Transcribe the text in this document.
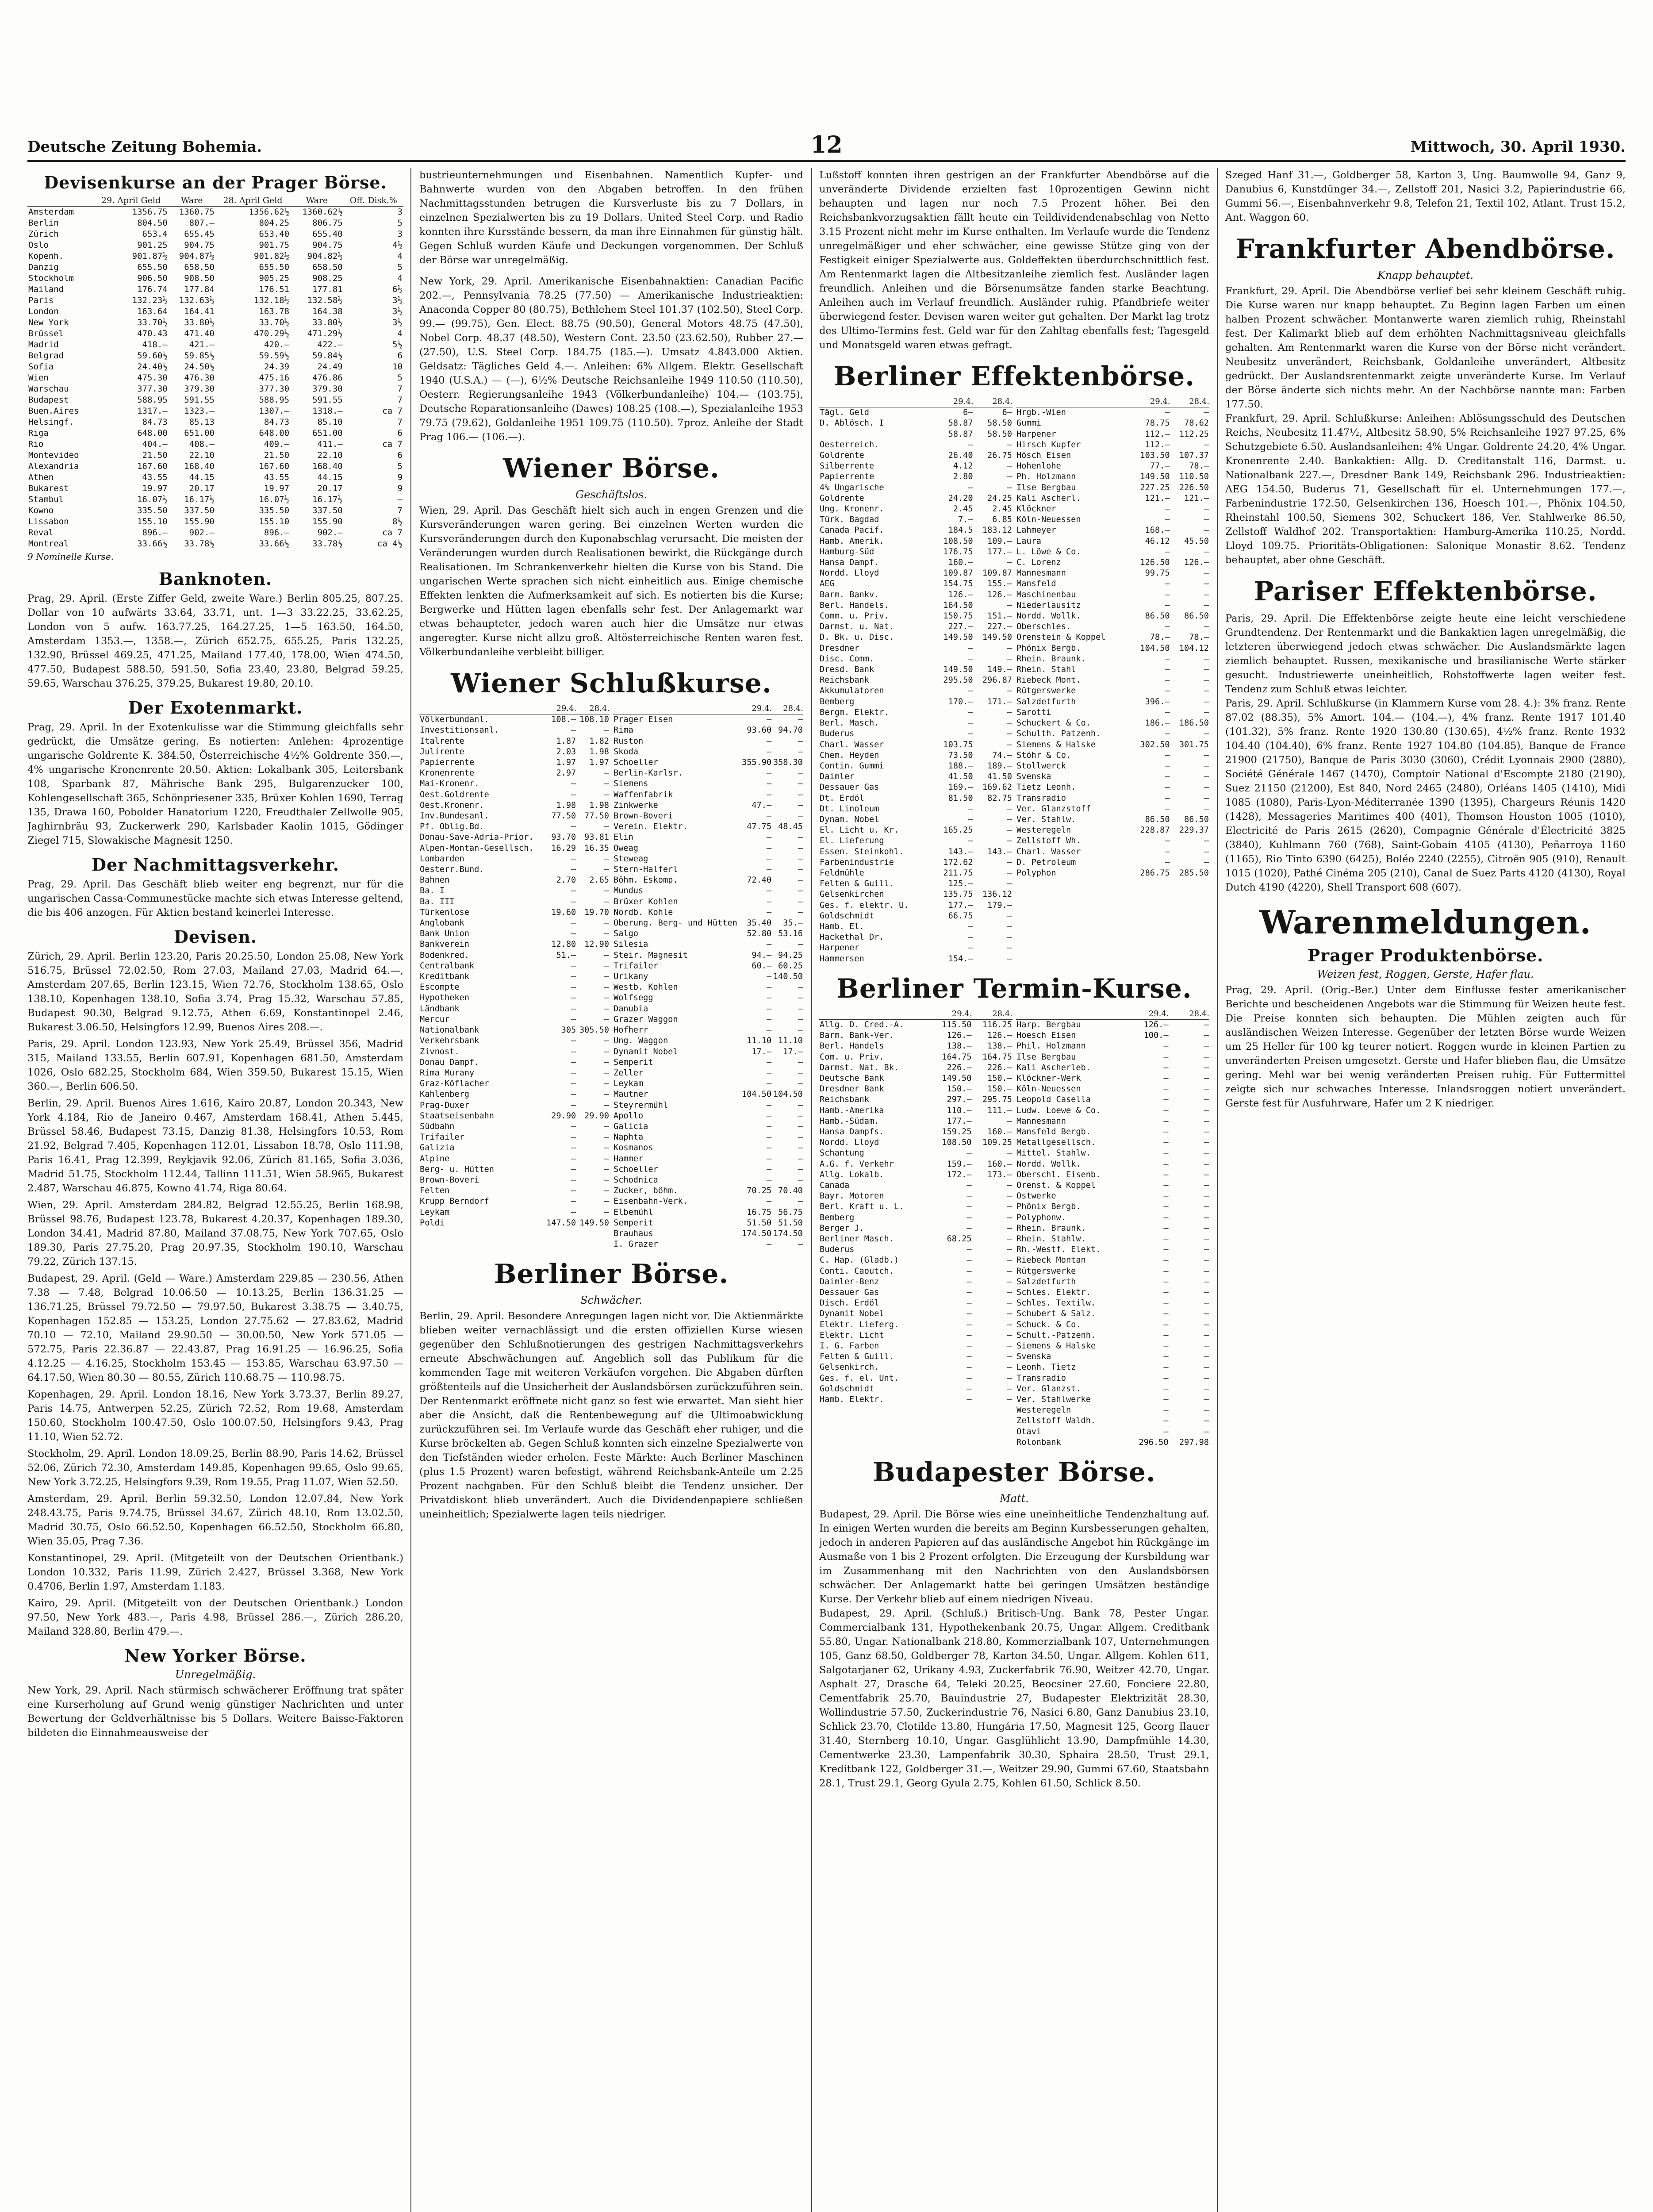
Deutsche Zeitung Bohemia.	12	Mittwoch, 30. April 1930.
Devisenkurse an der Prager Börse.
	29. April Geld	Ware	28. April Geld	Ware	Off. Disk.%
Amsterdam	1356.75	1360.75	1356.62½	1360.62½	3
Berlin	804.50	807.—	804.25	806.75	5
Zürich	653.4	655.45	653.40	655.40	3
Oslo	901.25	904.75	901.75	904.75	4½
Kopenh.	901.87½	904.87½	901.82½	904.82½	4
Danzig	655.50	658.50	655.50	658.50	5
Stockholm	906.50	908.50	905.25	908.25	4
Mailand	176.74	177.84	176.51	177.81	6½
Paris	132.23½	132.63½	132.18½	132.58½	3½
London	163.64	164.41	163.78	164.38	3½
New York	33.70½	33.80½	33.70½	33.80½	3½
Brüssel	470.43	471.40	470.29½	471.29½	4
Madrid	418.—	421.—	420.—	422.—	5½
Belgrad	59.60½	59.85½	59.59½	59.84½	6
Sofia	24.40½	24.50½	24.39	24.49	10
Wien	475.30	476.30	475.16	476.86	5
Warschau	377.30	379.30	377.30	379.30	7
Budapest	588.95	591.55	588.95	591.55	7
Buen.Aires	1317.—	1323.—	1307.—	1318.—	ca 7
Helsingf.	84.73	85.13	84.73	85.10	7
Riga	648.00	651.00	648.00	651.00	6
Rio	404.—	408.—	409.—	411.—	ca 7
Montevideo	21.50	22.10	21.50	22.10	6
Alexandria	167.60	168.40	167.60	168.40	5
Athen	43.55	44.15	43.55	44.15	9
Bukarest	19.97	20.17	19.97	20.17	9
Stambul	16.07½	16.17½	16.07½	16.17½	—
Kowno	335.50	337.50	335.50	337.50	7
Lissabon	155.10	155.90	155.10	155.90	8½
Reval	896.—	902.—	896.—	902.—	ca 7
Montreal	33.66½	33.78½	33.66½	33.78½	ca 4½
9 Nominelle Kurse.
Banknoten.

Prag, 29. April. (Erste Ziffer Geld, zweite Ware.) Berlin 805.25, 807.25. Dollar von 10 aufwärts 33.64, 33.71, unt. 1—3 33.22.25, 33.62.25, London von 5 aufw. 163.77.25, 164.27.25, 1—5 163.50, 164.50, Amsterdam 1353.—, 1358.—, Zürich 652.75, 655.25, Paris 132.25, 132.90, Brüssel 469.25, 471.25, Mailand 177.40, 178.00, Wien 474.50, 477.50, Budapest 588.50, 591.50, Sofia 23.40, 23.80, Belgrad 59.25, 59.65, Warschau 376.25, 379.25, Bukarest 19.80, 20.10.

Der Exotenmarkt.

Prag, 29. April. In der Exotenkulisse war die Stimmung gleichfalls sehr gedrückt, die Umsätze gering. Es notierten: Anlehen: 4prozentige ungarische Goldrente K. 384.50, Österreichische 4½% Goldrente 350.—, 4% ungarische Kronenrente 20.50. Aktien: Lokalbank 305, Leitersbank 108, Sparbank 87, Mährische Bank 295, Bulgarenzucker 100, Kohlengesellschaft 365, Schönpriesener 335, Brüxer Kohlen 1690, Terrag 135, Drawa 160, Pobolder Hanatorium 1220, Freudthaler Zellwolle 905, Jaghirnbräu 93, Zuckerwerk 290, Karlsbader Kaolin 1015, Gödinger Ziegel 715, Slowakische Magnesit 1250.

Der Nachmittagsverkehr.

Prag, 29. April. Das Geschäft blieb weiter eng begrenzt, nur für die ungarischen Cassa-Communestücke machte sich etwas Interesse geltend, die bis 406 anzogen. Für Aktien bestand keinerlei Interesse.

Devisen.

Zürich, 29. April. Berlin 123.20, Paris 20.25.50, London 25.08, New York 516.75, Brüssel 72.02.50, Rom 27.03, Mailand 27.03, Madrid 64.—, Amsterdam 207.65, Berlin 123.15, Wien 72.76, Stockholm 138.65, Oslo 138.10, Kopenhagen 138.10, Sofia 3.74, Prag 15.32, Warschau 57.85, Budapest 90.30, Belgrad 9.12.75, Athen 6.69, Konstantinopel 2.46, Bukarest 3.06.50, Helsingfors 12.99, Buenos Aires 208.—.

Paris, 29. April. London 123.93, New York 25.49, Brüssel 356, Madrid 315, Mailand 133.55, Berlin 607.91, Kopenhagen 681.50, Amsterdam 1026, Oslo 682.25, Stockholm 684, Wien 359.50, Bukarest 15.15, Wien 360.—, Berlin 606.50.

Berlin, 29. April. Buenos Aires 1.616, Kairo 20.87, London 20.343, New York 4.184, Rio de Janeiro 0.467, Amsterdam 168.41, Athen 5.445, Brüssel 58.46, Budapest 73.15, Danzig 81.38, Helsingfors 10.53, Rom 21.92, Belgrad 7.405, Kopenhagen 112.01, Lissabon 18.78, Oslo 111.98, Paris 16.41, Prag 12.399, Reykjavik 92.06, Zürich 81.165, Sofia 3.036, Madrid 51.75, Stockholm 112.44, Tallinn 111.51, Wien 58.965, Bukarest 2.487, Warschau 46.875, Kowno 41.74, Riga 80.64.

Wien, 29. April. Amsterdam 284.82, Belgrad 12.55.25, Berlin 168.98, Brüssel 98.76, Budapest 123.78, Bukarest 4.20.37, Kopenhagen 189.30, London 34.41, Madrid 87.80, Mailand 37.08.75, New York 707.65, Oslo 189.30, Paris 27.75.20, Prag 20.97.35, Stockholm 190.10, Warschau 79.22, Zürich 137.15.

Budapest, 29. April. (Geld — Ware.) Amsterdam 229.85 — 230.56, Athen 7.38 — 7.48, Belgrad 10.06.50 — 10.13.25, Berlin 136.31.25 — 136.71.25, Brüssel 79.72.50 — 79.97.50, Bukarest 3.38.75 — 3.40.75, Kopenhagen 152.85 — 153.25, London 27.75.62 — 27.83.62, Madrid 70.10 — 72.10, Mailand 29.90.50 — 30.00.50, New York 571.05 — 572.75, Paris 22.36.87 — 22.43.87, Prag 16.91.25 — 16.96.25, Sofia 4.12.25 — 4.16.25, Stockholm 153.45 — 153.85, Warschau 63.97.50 — 64.17.50, Wien 80.30 — 80.55, Zürich 110.68.75 — 110.98.75.

Kopenhagen, 29. April. London 18.16, New York 3.73.37, Berlin 89.27, Paris 14.75, Antwerpen 52.25, Zürich 72.52, Rom 19.68, Amsterdam 150.60, Stockholm 100.47.50, Oslo 100.07.50, Helsingfors 9.43, Prag 11.10, Wien 52.72.

Stockholm, 29. April. London 18.09.25, Berlin 88.90, Paris 14.62, Brüssel 52.06, Zürich 72.30, Amsterdam 149.85, Kopenhagen 99.65, Oslo 99.65, New York 3.72.25, Helsingfors 9.39, Rom 19.55, Prag 11.07, Wien 52.50.

Amsterdam, 29. April. Berlin 59.32.50, London 12.07.84, New York 248.43.75, Paris 9.74.75, Brüssel 34.67, Zürich 48.10, Rom 13.02.50, Madrid 30.75, Oslo 66.52.50, Kopenhagen 66.52.50, Stockholm 66.80, Wien 35.05, Prag 7.36.

Konstantinopel, 29. April. (Mitgeteilt von der Deutschen Orientbank.) London 10.332, Paris 11.99, Zürich 2.427, Brüssel 3.368, New York 0.4706, Berlin 1.97, Amsterdam 1.183.

Kairo, 29. April. (Mitgeteilt von der Deutschen Orientbank.) London 97.50, New York 483.—, Paris 4.98, Brüssel 286.—, Zürich 286.20, Mailand 328.80, Berlin 479.—.

New Yorker Börse.
Unregelmäßig.

New York, 29. April. Nach stürmisch schwächerer Eröffnung trat später eine Kurserholung auf Grund wenig günstiger Nachrichten und unter Bewertung der Geldverhältnisse bis 5 Dollars. Weitere Baisse-Faktoren bildeten die Einnahmeausweise der

bustrieunternehmungen und Eisenbahnen. Namentlich Kupfer- und Bahnwerte wurden von den Abgaben betroffen. In den frühen Nachmittagsstunden betrugen die Kursverluste bis zu 7 Dollars, in einzelnen Spezialwerten bis zu 19 Dollars. United Steel Corp. und Radio konnten ihre Kursstände bessern, da man ihre Einnahmen für günstig hält. Gegen Schluß wurden Käufe und Deckungen vorgenommen. Der Schluß der Börse war unregelmäßig.

New York, 29. April. Amerikanische Eisenbahnaktien: Canadian Pacific 202.—, Pennsylvania 78.25 (77.50) — Amerikanische Industrieaktien: Anaconda Copper 80 (80.75), Bethlehem Steel 101.37 (102.50), Steel Corp. 99.— (99.75), Gen. Elect. 88.75 (90.50), General Motors 48.75 (47.50), Nobel Corp. 48.37 (48.50), Western Cont. 23.50 (23.62.50), Rubber 27.— (27.50), U.S. Steel Corp. 184.75 (185.—). Umsatz 4.843.000 Aktien. Geldsatz: Tägliches Geld 4.—. Anleihen: 6% Allgem. Elektr. Gesellschaft 1940 (U.S.A.) — (—), 6½% Deutsche Reichsanleihe 1949 110.50 (110.50), Oesterr. Regierungsanleihe 1943 (Völkerbundanleihe) 104.— (103.75), Deutsche Reparationsanleihe (Dawes) 108.25 (108.—), Spezialanleihe 1953 79.75 (79.62), Goldanleihe 1951 109.75 (110.50). 7proz. Anleihe der Stadt Prag 106.— (106.—).

Wiener Börse.
Geschäftslos.

Wien, 29. April. Das Geschäft hielt sich auch in engen Grenzen und die Kursveränderungen waren gering. Bei einzelnen Werten wurden die Kursveränderungen durch den Kuponabschlag verursacht. Die meisten der Veränderungen wurden durch Realisationen bewirkt, die Rückgänge durch Realisationen. Im Schrankenverkehr hielten die Kurse von bis Stand. Die ungarischen Werte sprachen sich nicht einheitlich aus. Einige chemische Effekten lenkten die Aufmerksamkeit auf sich. Es notierten bis die Kurse; Bergwerke und Hütten lagen ebenfalls sehr fest. Der Anlagemarkt war etwas behaupteter, jedoch waren auch hier die Umsätze nur etwas angeregter. Kurse nicht allzu groß. Altösterreichische Renten waren fest. Völkerbundanleihe verbleibt billiger.

Wiener Schlußkurse.
	29.4.	28.4.
Völkerbundanl.	108.—	108.10
Investitionsanl.	—	—
Italrente	1.87	1.82
Julirente	2.03	1.98
Papierrente	1.97	1.97
Kronenrente	2.97	—
Mai-Kronenr.	—	—
Oest.Goldrente	—	—
Oest.Kronenr.	1.98	1.98
Inv.Bundesanl.	77.50	77.50
Pf. Oblig.Bd.	—	—

Donau-Save-Adria-Prior.	93.70	93.81
Alpen-Montan-Gesellsch.	16.29	16.35
Lombarden	—	—
Oesterr.Bund.	—	—
Bahnen	2.70	2.65
Ba. I	—	—
Ba. III	—	—
Türkenlose	19.60	19.70
Anglobank	—	—
Bank Union	—	—
Bankverein	12.80	12.90
Bodenkred.	51.—	—
Centralbank	—	—
Kreditbank	—	—
Escompte	—	—
Hypotheken	—	—
Ländbank	—	—
Mercur	—	—
Nationalbank	305	305.50
Verkehrsbank	—	—
Zivnost.	—	—
Donau Dampf.	—	—
Rima Murany	—	—
Graz-Köflacher	—	—
Kahlenberg	—	—
Prag-Duxer	—	—
Staatseisenbahn	29.90	29.90
Südbahn	—	—
Trifailer	—	—
Galizia	—	—
Alpine	—	—
Berg- u. Hütten	—	—
Brown-Boveri	—	—
Felten	—	—
Krupp Berndorf	—	—
Leykam	—	—
Poldi	147.50	149.50
	29.4.	28.4.
Prager Eisen	—	—
Rima	93.60	94.70
Ruston	—	—
Skoda	—	—
Schoeller	355.90	358.30
Berlin-Karlsr.	—	—
Siemens	—	—
Waffenfabrik	—	—
Zinkwerke	47.—	—
Brown-Boveri	—	—
Verein. Elektr.	47.75	48.45
Elin	—	—
Oweag	—	—
Steweag	—	—
Stern-Halferl	—	—
Böhm. Eskomp.	72.40	—
Mundus	—	—
Brüxer Kohlen	—	—
Nordb. Kohle	—	—
Oberung. Berg- und Hütten	35.40	35.—
Salgo	52.80	53.16
Silesia	—	—
Steir. Magnesit	94.—	94.25
Trifailer	60.—	60.25
Urikany	—	140.50
Westb. Kohlen	—	—
Wolfsegg	—	—
Danubia	—	—
Grazer Waggon	—	—
Hofherr	—	—
Ung. Waggon	11.10	11.10
Dynamit Nobel	17.—	17.—
Semperit	—	—
Zeller	—	—
Leykam	—	—
Mautner	104.50	104.50
Steyrermühl	—	—
Apollo	—	—
Galicia	—	—
Naphta	—	—
Kosmanos	—	—
Hammer	—	—
Schoeller	—	—
Schodnica	—	—
Zucker, böhm.	70.25	70.40
Eisenbahn-Verk.	—	—
Elbemühl	16.75	56.75
Semperit	51.50	51.50
Brauhaus	174.50	174.50
I. Grazer	—	—
Berliner Börse.
Schwächer.

Berlin, 29. April. Besondere Anregungen lagen nicht vor. Die Aktienmärkte blieben weiter vernachlässigt und die ersten offiziellen Kurse wiesen gegenüber den Schlußnotierungen des gestrigen Nachmittagsverkehrs erneute Abschwächungen auf. Angeblich soll das Publikum für die kommenden Tage mit weiteren Verkäufen vorgehen. Die Abgaben dürften größtenteils auf die Unsicherheit der Auslandsbörsen zurückzuführen sein. Der Rentenmarkt eröffnete nicht ganz so fest wie erwartet. Man sieht hier aber die Ansicht, daß die Rentenbewegung auf die Ultimoabwicklung zurückzuführen sei. Im Verlaufe wurde das Geschäft eher ruhiger, und die Kurse bröckelten ab. Gegen Schluß konnten sich einzelne Spezialwerte von den Tiefständen wieder erholen. Feste Märkte: Auch Berliner Maschinen (plus 1.5 Prozent) waren befestigt, während Reichsbank-Anteile um 2.25 Prozent nachgaben. Für den Schluß bleibt die Tendenz unsicher. Der Privatdiskont blieb unverändert. Auch die Dividendenpapiere schließen uneinheitlich; Spezialwerte lagen teils niedriger.

Lußstoff konnten ihren gestrigen an der Frankfurter Abendbörse auf die unveränderte Dividende erzielten fast 10prozentigen Gewinn nicht behaupten und lagen nur noch 7.5 Prozent höher. Bei den Reichsbankvorzugsaktien fällt heute ein Teildividendenabschlag von Netto 3.15 Prozent nicht mehr im Kurse enthalten. Im Verlaufe wurde die Tendenz unregelmäßiger und eher schwächer, eine gewisse Stütze ging von der Festigkeit einiger Spezialwerte aus. Goldeffekten überdurchschnittlich fest. Am Rentenmarkt lagen die Altbesitzanleihe ziemlich fest. Ausländer lagen freundlich. Anleihen und die Börsenumsätze fanden starke Beachtung. Anleihen auch im Verlauf freundlich. Ausländer ruhig. Pfandbriefe weiter überwiegend fester. Devisen waren weiter gut gehalten. Der Markt lag trotz des Ultimo-Termins fest. Geld war für den Zahltag ebenfalls fest; Tagesgeld und Monatsgeld waren etwas gefragt.

Berliner Effektenbörse.
	29.4.	28.4.
Tägl. Geld	6—	6—
D. Ablösch. I	58.87	58.50
	58.87	58.50
Oesterreich.	—	—
Goldrente	26.40	26.75
Silberrente	4.12	—
Papierrente	2.80	—
4% Ungarische	—	—
Goldrente	24.20	24.25
Ung. Kronenr.	2.45	2.45
Türk. Bagdad	7.—	6.85
Canada Pacif.	184.5	183.12
Hamb. Amerik.	108.50	109.—
Hamburg-Süd	176.75	177.—
Hansa Dampf.	160.—	—
Nordd. Lloyd	109.87	109.87
AEG	154.75	155.—
Barm. Bankv.	126.—	126.—
Berl. Handels.	164.50	—
Comm. u. Priv.	150.75	151.—
Darmst. u. Nat.	227.—	227.—
D. Bk. u. Disc.	149.50	149.50
Dresdner	—	—
Disc. Comm.	—	—
Dresd. Bank	149.50	149.—
Reichsbank	295.50	296.87
Akkumulatoren	—	—
Bemberg	170.—	171.—
Bergm. Elektr.	—	—
Berl. Masch.	—	—
Buderus	—	—
Charl. Wasser	103.75	—
Chem. Heyden	73.50	74.—
Contin. Gummi	188.—	189.—
Daimler	41.50	41.50
Dessauer Gas	169.—	169.62
Dt. Erdöl	81.50	82.75
Dt. Linoleum	—	—
Dynam. Nobel	—	—
El. Licht u. Kr.	165.25	—
El. Lieferung	—	—
Essen. Steinkohl.	143.—	143.—
Farbenindustrie	172.62	—
Feldmühle	211.75	—
Felten & Guill.	125.—	—
Gelsenkirchen	135.75	136.12
Ges. f. elektr. U.	177.—	179.—
Goldschmidt	66.75	—
Hamb. El.	—	—
Hackethal Dr.	—	—
Harpener	—	—
Hammersen	154.—	—
	29.4.	28.4.
Hrgb.-Wien	—	—
Gummi	78.75	78.62
Harpener	112.—	112.25
Hirsch Kupfer	112.—	—
Hösch Eisen	103.50	107.37
Hohenlohe	77.—	78.—
Ph. Holzmann	149.50	110.50
Ilse Bergbau	227.25	226.50
Kali Ascherl.	121.—	121.—
Klöckner	—	—
Köln-Neuessen	—	—
Lahmeyer	168.—	—
Laura	46.12	45.50
L. Löwe & Co.	—	—
C. Lorenz	126.50	126.—
Mannesmann	99.75	—
Mansfeld	—	—
Maschinenbau	—	—
Niederlausitz	—	—
Nordd. Wollk.	86.50	86.50
Oberschles.	—	—
Orenstein & Koppel	78.—	78.—
Phönix Bergb.	104.50	104.12
Rhein. Braunk.	—	—
Rhein. Stahl	—	—
Riebeck Mont.	—	—
Rütgerswerke	—	—
Salzdetfurth	396.—	—
Sarotti	—	—
Schuckert & Co.	186.—	186.50
Schulth. Patzenh.	—	—
Siemens & Halske	302.50	301.75
Stöhr & Co.	—	—
Stollwerck	—	—
Svenska	—	—
Tietz Leonh.	—	—
Transradio	—	—
Ver. Glanzstoff	—	—
Ver. Stahlw.	86.50	86.50
Westeregeln	228.87	229.37
Zellstoff Wh.	—	—
Charl. Wasser	—	—
D. Petroleum	—	—
Polyphon	286.75	285.50
Berliner Termin-Kurse.
	29.4.	28.4.
Allg. D. Cred.-A.	115.50	116.25
Barm. Bank-Ver.	126.—	126.—
Berl. Handels	138.—	138.—
Com. u. Priv.	164.75	164.75
Darmst. Nat. Bk.	226.—	226.—
Deutsche Bank	149.50	150.—
Dresdner Bank	150.—	150.—
Reichsbank	297.—	295.75
Hamb.-Amerika	110.—	111.—
Hamb.-Südam.	177.—	—
Hansa Dampfs.	159.25	160.—
Nordd. Lloyd	108.50	109.25
Schantung	—	—
A.G. f. Verkehr	159.—	160.—
Allg. Lokalb.	172.—	173.—
Canada	—	—
Bayr. Motoren	—	—
Berl. Kraft u. L.	—	—
Bemberg	—	—
Berger J.	—	—
Berliner Masch.	68.25	—
Buderus	—	—
C. Hap. (Gladb.)	—	—
Conti. Caoutch.	—	—
Daimler-Benz	—	—
Dessauer Gas	—	—
Disch. Erdöl	—	—
Dynamit Nobel	—	—
Elektr. Lieferg.	—	—
Elektr. Licht	—	—
I. G. Farben	—	—
Felten & Guill.	—	—
Gelsenkirch.	—	—
Ges. f. el. Unt.	—	—
Goldschmidt	—	—
Hamb. Elektr.	—	—
	29.4.	28.4.
Harp. Bergbau	126.—	—
Hoesch Eisen	100.—	—
Phil. Holzmann	—	—
Ilse Bergbau	—	—
Kali Ascherleb.	—	—
Klöckner-Werk	—	—
Köln-Neuessen	—	—
Leopold Casella	—	—
Ludw. Loewe & Co.	—	—
Mannesmann	—	—
Mansfeld Bergb.	—	—
Metallgesellsch.	—	—
Mittel. Stahlw.	—	—
Nordd. Wollk.	—	—
Oberschl. Eisenb.	—	—
Orenst. & Koppel	—	—
Ostwerke	—	—
Phönix Bergb.	—	—
Polyphonw.	—	—
Rhein. Braunk.	—	—
Rhein. Stahlw.	—	—
Rh.-Westf. Elekt.	—	—
Riebeck Montan	—	—
Rütgerswerke	—	—
Salzdetfurth	—	—
Schles. Elektr.	—	—
Schles. Textilw.	—	—
Schubert & Salz.	—	—
Schuck. & Co.	—	—
Schult.-Patzenh.	—	—
Siemens & Halske	—	—
Svenska	—	—
Leonh. Tietz	—	—
Transradio	—	—
Ver. Glanzst.	—	—
Ver. Stahlwerke	—	—
Westeregeln	—	—
Zellstoff Waldh.	—	—
Otavi	—	—
Rolonbank	296.50	297.98
Budapester Börse.
Matt.

Budapest, 29. April. Die Börse wies eine uneinheitliche Tendenzhaltung auf. In einigen Werten wurden die bereits am Beginn Kursbesserungen gehalten, jedoch in anderen Papieren auf das ausländische Angebot hin Rückgänge im Ausmaße von 1 bis 2 Prozent erfolgten. Die Erzeugung der Kursbildung war im Zusammenhang mit den Nachrichten von den Auslandsbörsen schwächer. Der Anlagemarkt hatte bei geringen Umsätzen beständige Kurse. Der Verkehr blieb auf einem niedrigen Niveau.

Budapest, 29. April. (Schluß.) Britisch-Ung. Bank 78, Pester Ungar. Commercialbank 131, Hypothekenbank 20.75, Ungar. Allgem. Creditbank 55.80, Ungar. Nationalbank 218.80, Kommerzialbank 107, Unternehmungen 105, Ganz 68.50, Goldberger 78, Karton 34.50, Ungar. Allgem. Kohlen 611, Salgotarjaner 62, Urikany 4.93, Zuckerfabrik 76.90, Weitzer 42.70, Ungar. Asphalt 27, Drasche 64, Teleki 20.25, Beocsiner 27.60, Fonciere 22.80, Cementfabrik 25.70, Bauindustrie 27, Budapester Elektrizität 28.30, Wollindustrie 57.50, Zuckerindustrie 76, Nasici 6.80, Ganz Danubius 23.10, Schlick 23.70, Clotilde 13.80, Hungária 17.50, Magnesit 125, Georg Ilauer 31.40, Sternberg 10.10, Ungar. Gasglühlicht 13.90, Dampfmühle 14.30, Cementwerke 23.30, Lampenfabrik 30.30, Sphaira 28.50, Trust 29.1, Kreditbank 122, Goldberger 31.—, Weitzer 29.90, Gummi 67.60, Staatsbahn 28.1, Trust 29.1, Georg Gyula 2.75, Kohlen 61.50, Schlick 8.50.

Szeged Hanf 31.—, Goldberger 58, Karton 3, Ung. Baumwolle 94, Ganz 9, Danubius 6, Kunstdünger 34.—, Zellstoff 201, Nasici 3.2, Papierindustrie 66, Gummi 56.—, Eisenbahnverkehr 9.8, Telefon 21, Textil 102, Atlant. Trust 15.2, Ant. Waggon 60.

Frankfurter Abendbörse.
Knapp behauptet.

Frankfurt, 29. April. Die Abendbörse verlief bei sehr kleinem Geschäft ruhig. Die Kurse waren nur knapp behauptet. Zu Beginn lagen Farben um einen halben Prozent schwächer. Montanwerte waren ziemlich ruhig, Rheinstahl fest. Der Kalimarkt blieb auf dem erhöhten Nachmittagsniveau gleichfalls gehalten. Am Rentenmarkt waren die Kurse von der Börse nicht verändert. Neubesitz unverändert, Reichsbank, Goldanleihe unverändert, Altbesitz gedrückt. Der Auslandsrentenmarkt zeigte unveränderte Kurse. Im Verlauf der Börse änderte sich nichts mehr. An der Nachbörse nannte man: Farben 177.50.

Frankfurt, 29. April. Schlußkurse: Anleihen: Ablösungsschuld des Deutschen Reichs, Neubesitz 11.47½, Altbesitz 58.90, 5% Reichsanleihe 1927 97.25, 6% Schutzgebiete 6.50. Auslandsanleihen: 4% Ungar. Goldrente 24.20, 4% Ungar. Kronenrente 2.40. Bankaktien: Allg. D. Creditanstalt 116, Darmst. u. Nationalbank 227.—, Dresdner Bank 149, Reichsbank 296. Industrieaktien: AEG 154.50, Buderus 71, Gesellschaft für el. Unternehmungen 177.—, Farbenindustrie 172.50, Gelsenkirchen 136, Hoesch 101.—, Phönix 104.50, Rheinstahl 100.50, Siemens 302, Schuckert 186, Ver. Stahlwerke 86.50, Zellstoff Waldhof 202. Transportaktien: Hamburg-Amerika 110.25, Nordd. Lloyd 109.75. Prioritäts-Obligationen: Salonique Monastir 8.62. Tendenz behauptet, aber ohne Geschäft.

Pariser Effektenbörse.

Paris, 29. April. Die Effektenbörse zeigte heute eine leicht verschiedene Grundtendenz. Der Rentenmarkt und die Bankaktien lagen unregelmäßig, die letzteren überwiegend jedoch etwas schwächer. Die Auslandsmärkte lagen ziemlich behauptet. Russen, mexikanische und brasilianische Werte stärker gesucht. Industriewerte uneinheitlich, Rohstoffwerte lagen weiter fest. Tendenz zum Schluß etwas leichter.

Paris, 29. April. Schlußkurse (in Klammern Kurse vom 28. 4.): 3% franz. Rente 87.02 (88.35), 5% Amort. 104.— (104.—), 4% franz. Rente 1917 101.40 (101.32), 5% franz. Rente 1920 130.80 (130.65), 4½% franz. Rente 1932 104.40 (104.40), 6% franz. Rente 1927 104.80 (104.85), Banque de France 21900 (21750), Banque de Paris 3030 (3060), Crédit Lyonnais 2900 (2880), Société Générale 1467 (1470), Comptoir National d'Escompte 2180 (2190), Suez 21150 (21200), Est 840, Nord 2465 (2480), Orléans 1405 (1410), Midi 1085 (1080), Paris-Lyon-Méditerranée 1390 (1395), Chargeurs Réunis 1420 (1428), Messageries Maritimes 400 (401), Thomson Houston 1005 (1010), Electricité de Paris 2615 (2620), Compagnie Générale d'Électricité 3825 (3840), Kuhlmann 760 (768), Saint-Gobain 4105 (4130), Peñarroya 1160 (1165), Rio Tinto 6390 (6425), Boléo 2240 (2255), Citroën 905 (910), Renault 1015 (1020), Pathé Cinéma 205 (210), Canal de Suez Parts 4120 (4130), Royal Dutch 4190 (4220), Shell Transport 608 (607).

Warenmeldungen.
Prager Produktenbörse.
Weizen fest, Roggen, Gerste, Hafer flau.

Prag, 29. April. (Orig.-Ber.) Unter dem Einflusse fester amerikanischer Berichte und bescheidenen Angebots war die Stimmung für Weizen heute fest. Die Preise konnten sich behaupten. Die Mühlen zeigten auch für ausländischen Weizen Interesse. Gegenüber der letzten Börse wurde Weizen um 25 Heller für 100 kg teurer notiert. Roggen wurde in kleinen Partien zu unveränderten Preisen umgesetzt. Gerste und Hafer blieben flau, die Umsätze gering. Mehl war bei wenig veränderten Preisen ruhig. Für Futtermittel zeigte sich nur schwaches Interesse. Inlandsroggen notiert unverändert. Gerste fest für Ausfuhrware, Hafer um 2 K niedriger.
